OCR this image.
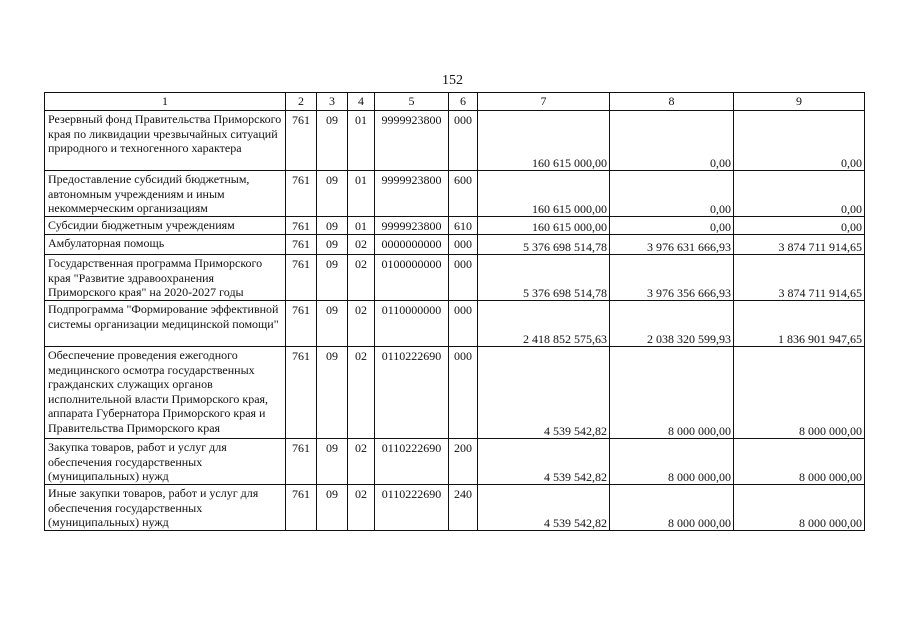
152
1	2	3	4	5	6	7	8	9
Резервный фонд Правительства Приморского края по ликвидации чрезвычайных ситуаций природного и техногенного характера	761	09	01	9999923800	000	160 615 000,00	0,00	0,00
Предоставление субсидий бюджетным, автономным учреждениям и иным некоммерческим организациям	761	09	01	9999923800	600	160 615 000,00	0,00	0,00
Субсидии бюджетным учреждениям	761	09	01	9999923800	610	160 615 000,00	0,00	0,00
Амбулаторная помощь	761	09	02	0000000000	000	5 376 698 514,78	3 976 631 666,93	3 874 711 914,65
Государственная программа Приморского края "Развитие здравоохранения Приморского края" на 2020-2027 годы	761	09	02	0100000000	000	5 376 698 514,78	3 976 356 666,93	3 874 711 914,65
Подпрограмма "Формирование эффективной системы организации медицинской помощи"	761	09	02	0110000000	000	2 418 852 575,63	2 038 320 599,93	1 836 901 947,65
Обеспечение проведения ежегодного медицинского осмотра государственных гражданских служащих органов исполнительной власти Приморского края, аппарата Губернатора Приморского края и Правительства Приморского края	761	09	02	0110222690	000	4 539 542,82	8 000 000,00	8 000 000,00
Закупка товаров, работ и услуг для обеспечения государственных (муниципальных) нужд	761	09	02	0110222690	200	4 539 542,82	8 000 000,00	8 000 000,00
Иные закупки товаров, работ и услуг для обеспечения государственных (муниципальных) нужд	761	09	02	0110222690	240	4 539 542,82	8 000 000,00	8 000 000,00
